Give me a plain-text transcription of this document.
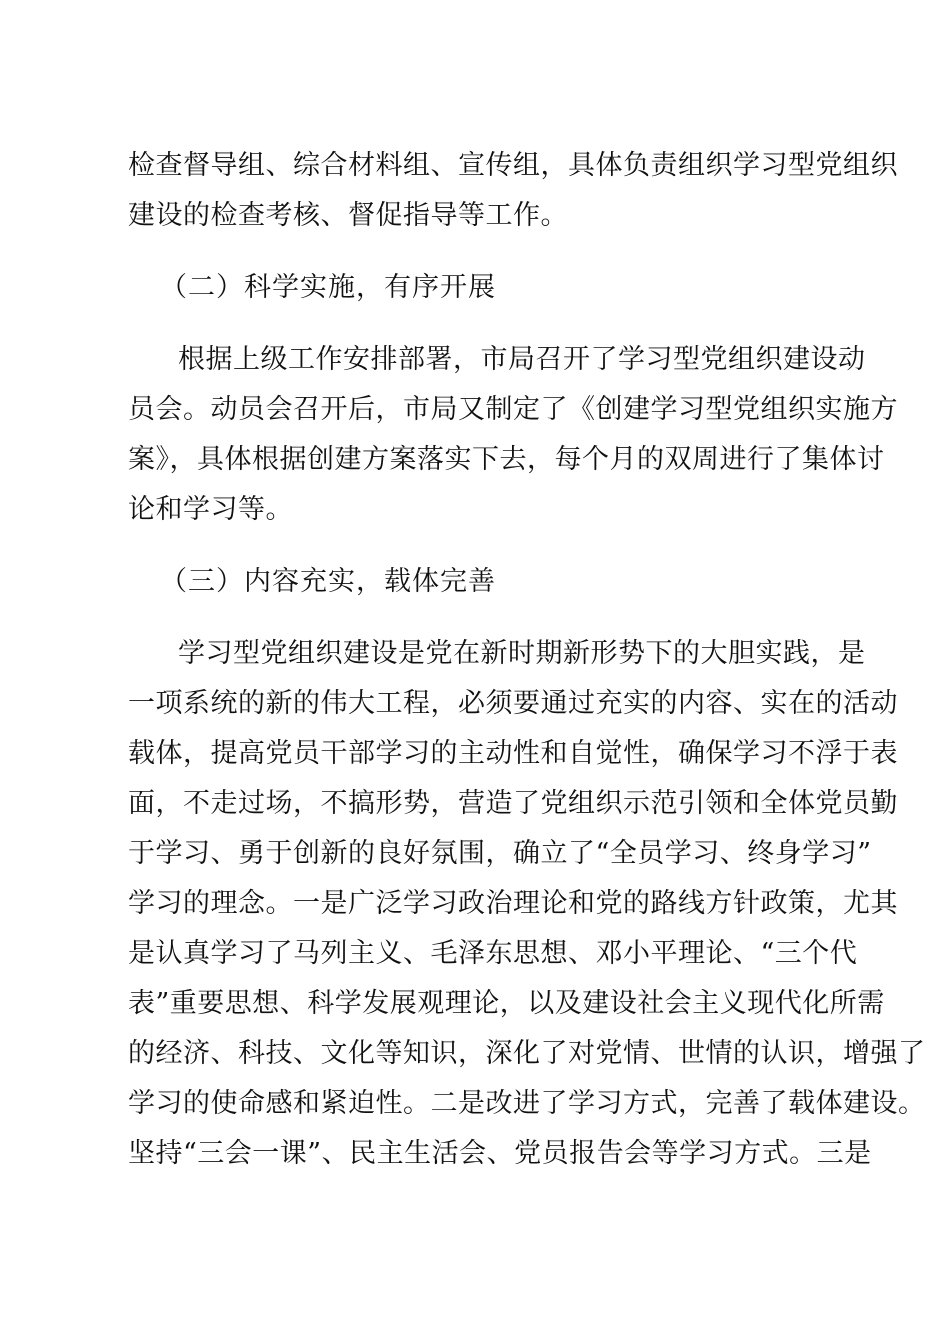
检查督导组、综合材料组、宣传组，具体负责组织学习型党组织
建设的检查考核、督促指导等工作。
（二）科学实施，有序开展
根据上级工作安排部署，市局召开了学习型党组织建设动
员会。动员会召开后，市局又制定了《创建学习型党组织实施方
案》，具体根据创建方案落实下去，每个月的双周进行了集体讨
论和学习等。
（三）内容充实，载体完善
学习型党组织建设是党在新时期新形势下的大胆实践，是
一项系统的新的伟大工程，必须要通过充实的内容、实在的活动
载体，提高党员干部学习的主动性和自觉性，确保学习不浮于表
面，不走过场，不搞形势，营造了党组织示范引领和全体党员勤
于学习、勇于创新的良好氛围，确立了“全员学习、终身学习”
学习的理念。一是广泛学习政治理论和党的路线方针政策，尤其
是认真学习了马列主义、毛泽东思想、邓小平理论、“三个代
表”重要思想、科学发展观理论，以及建设社会主义现代化所需
的经济、科技、文化等知识，深化了对党情、世情的认识，增强了
学习的使命感和紧迫性。二是改进了学习方式，完善了载体建设。
坚持“三会一课”、民主生活会、党员报告会等学习方式。三是
